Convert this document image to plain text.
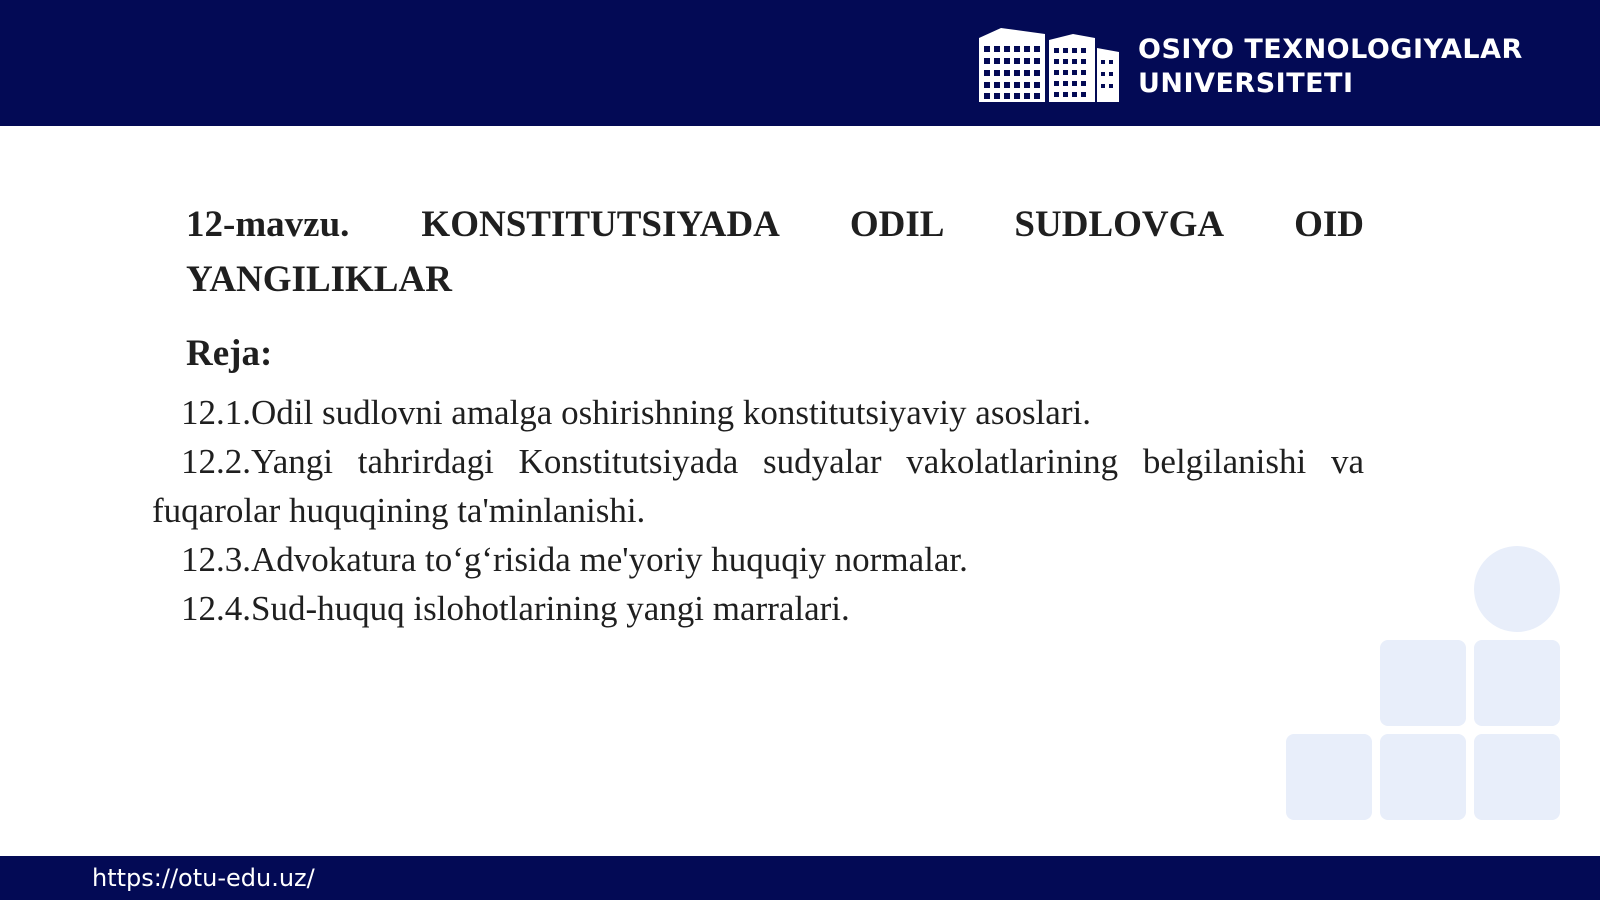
OSIYO TEXNOLOGIYALAR
UNIVERSITETI

12-mavzu. KONSTITUTSIYADA ODIL SUDLOVGA OID YANGILIKLAR

Reja:

12.1.Odil sudlovni amalga oshirishning konstitutsiyaviy asoslari.

12.2.Yangi tahrirdagi Konstitutsiyada sudyalar vakolatlarining belgilanishi va fuqarolar huquqining ta'minlanishi.

12.3.Advokatura to‘g‘risida me'yoriy huquqiy normalar.

12.4.Sud-huquq islohotlarining yangi marralari.

https://otu-edu.uz/
